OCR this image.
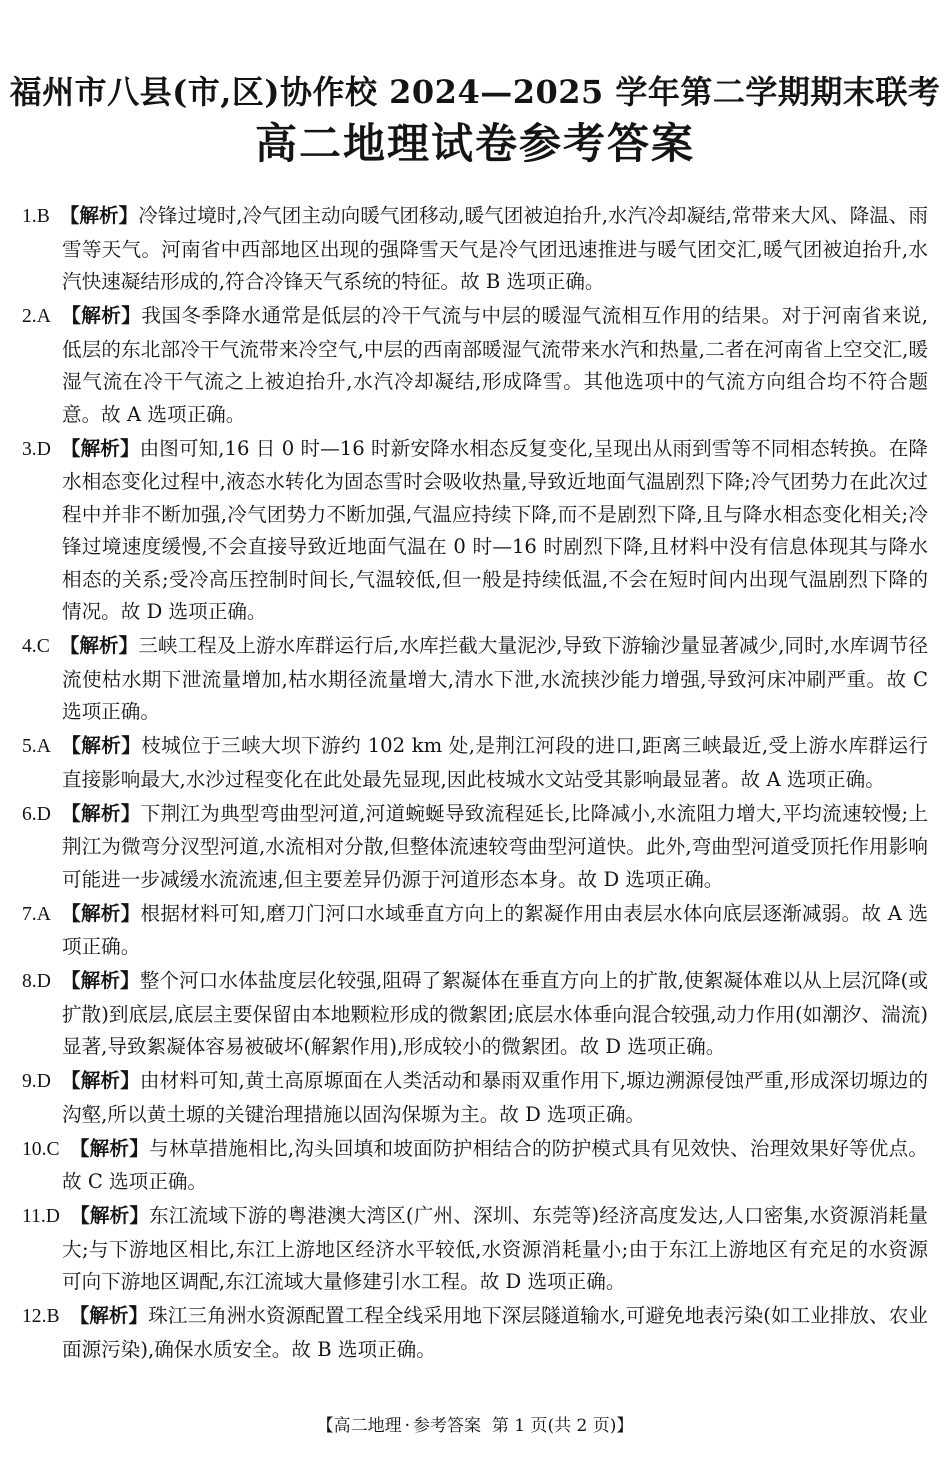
福州市八县(市,区)协作校 2024—2025 学年第二学期期末联考
高二地理试卷参考答案

1.B 【解析】冷锋过境时,冷气团主动向暖气团移动,暖气团被迫抬升,水汽冷却凝结,常带来大风、降温、雨雪等天气。河南省中西部地区出现的强降雪天气是冷气团迅速推进与暖气团交汇,暖气团被迫抬升,水汽快速凝结形成的,符合冷锋天气系统的特征。故 B 选项正确。

2.A 【解析】我国冬季降水通常是低层的冷干气流与中层的暖湿气流相互作用的结果。对于河南省来说,低层的东北部冷干气流带来冷空气,中层的西南部暖湿气流带来水汽和热量,二者在河南省上空交汇,暖湿气流在冷干气流之上被迫抬升,水汽冷却凝结,形成降雪。其他选项中的气流方向组合均不符合题意。故 A 选项正确。

3.D 【解析】由图可知,16 日 0 时—16 时新安降水相态反复变化,呈现出从雨到雪等不同相态转换。在降水相态变化过程中,液态水转化为固态雪时会吸收热量,导致近地面气温剧烈下降;冷气团势力在此次过程中并非不断加强,冷气团势力不断加强,气温应持续下降,而不是剧烈下降,且与降水相态变化相关;冷锋过境速度缓慢,不会直接导致近地面气温在 0 时—16 时剧烈下降,且材料中没有信息体现其与降水相态的关系;受冷高压控制时间长,气温较低,但一般是持续低温,不会在短时间内出现气温剧烈下降的情况。故 D 选项正确。

4.C 【解析】三峡工程及上游水库群运行后,水库拦截大量泥沙,导致下游输沙量显著减少,同时,水库调节径流使枯水期下泄流量增加,枯水期径流量增大,清水下泄,水流挟沙能力增强,导致河床冲刷严重。故 C 选项正确。

5.A 【解析】枝城位于三峡大坝下游约 102 km 处,是荆江河段的进口,距离三峡最近,受上游水库群运行直接影响最大,水沙过程变化在此处最先显现,因此枝城水文站受其影响最显著。故 A 选项正确。

6.D 【解析】下荆江为典型弯曲型河道,河道蜿蜒导致流程延长,比降减小,水流阻力增大,平均流速较慢;上荆江为微弯分汊型河道,水流相对分散,但整体流速较弯曲型河道快。此外,弯曲型河道受顶托作用影响可能进一步减缓水流流速,但主要差异仍源于河道形态本身。故 D 选项正确。

7.A 【解析】根据材料可知,磨刀门河口水域垂直方向上的絮凝作用由表层水体向底层逐渐减弱。故 A 选项正确。

8.D 【解析】整个河口水体盐度层化较强,阻碍了絮凝体在垂直方向上的扩散,使絮凝体难以从上层沉降(或扩散)到底层,底层主要保留由本地颗粒形成的微絮团;底层水体垂向混合较强,动力作用(如潮汐、湍流)显著,导致絮凝体容易被破坏(解絮作用),形成较小的微絮团。故 D 选项正确。

9.D 【解析】由材料可知,黄土高原塬面在人类活动和暴雨双重作用下,塬边溯源侵蚀严重,形成深切塬边的沟壑,所以黄土塬的关键治理措施以固沟保塬为主。故 D 选项正确。

10.C 【解析】与林草措施相比,沟头回填和坡面防护相结合的防护模式具有见效快、治理效果好等优点。故 C 选项正确。

11.D 【解析】东江流域下游的粤港澳大湾区(广州、深圳、东莞等)经济高度发达,人口密集,水资源消耗量大;与下游地区相比,东江上游地区经济水平较低,水资源消耗量小;由于东江上游地区有充足的水资源可向下游地区调配,东江流域大量修建引水工程。故 D 选项正确。

12.B 【解析】珠江三角洲水资源配置工程全线采用地下深层隧道输水,可避免地表污染(如工业排放、农业面源污染),确保水质安全。故 B 选项正确。

【高二地理 · 参考答案 第 1 页(共 2 页)】
